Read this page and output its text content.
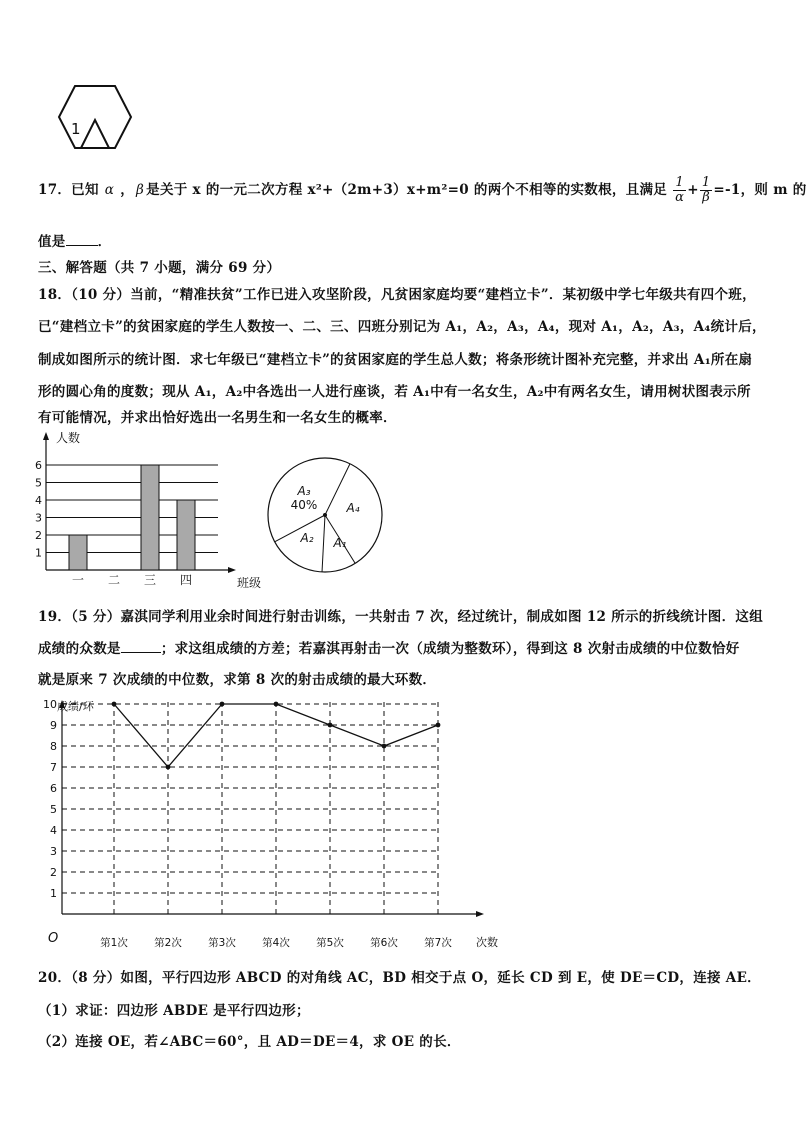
1
17．已知 α ， β 是关于 x 的一元二次方程 x²+（2m+3）x+m²=0 的两个不相等的实数根，且满足 $\frac{1}{\alpha} + \frac{1}{\beta} =-1$，则 m 的
值是 ．
三、解答题（共 7 小题，满分 69 分）
18．（10 分）当前，“精准扶贫”工作已进入攻坚阶段，凡贫困家庭均要“建档立卡”．某初级中学七年级共有四个班，
已“建档立卡”的贫困家庭的学生人数按一、二、三、四班分别记为 A₁，A₂，A₃，A₄，现对 A₁，A₂，A₃，A₄统计后，
制成如图所示的统计图．求七年级已“建档立卡”的贫困家庭的学生总人数；将条形统计图补充完整，并求出 A₁所在扇
形的圆心角的度数；现从 A₁，A₂中各选出一人进行座谈，若 A₁中有一名女生，A₂中有两名女生，请用树状图表示所
有可能情况，并求出恰好选出一名男生和一名女生的概率．
1
2
3
4
5
6
人数
班级
一 二 三 四
A₃
40% A₄
A₁
A₂
19．（5 分）嘉淇同学利用业余时间进行射击训练，一共射击 7 次，经过统计，制成如图 12 所示的折线统计图．这组
成绩的众数是	；求这组成绩的方差；若嘉淇再射击一次（成绩为整数环），得到这 8 次射击成绩的中位数恰好
就是原来 7 次成绩的中位数，求第 8 次的射击成绩的最大环数．
1
2
3
4
5
6
7
8
9
10 成绩/环
次数
O	第1次	第2次	第3次	第4次	第5次	第6次	第7次
20．（8 分）如图，平行四边形 ABCD 的对角线 AC，BD 相交于点 O，延长 CD 到 E，使 DE＝CD，连接 AE．
（1）求证：四边形 ABDE 是平行四边形；
（2）连接 OE，若∠ABC＝60°，且 AD＝DE＝4，求 OE 的长．
